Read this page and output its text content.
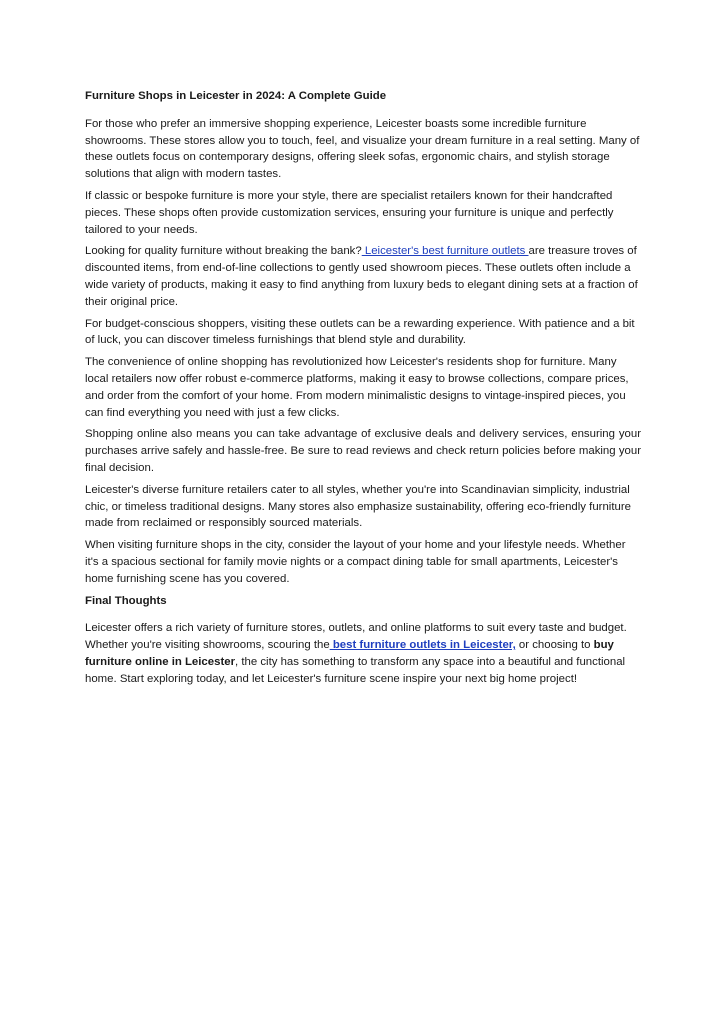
Furniture Shops in Leicester in 2024: A Complete Guide

For those who prefer an immersive shopping experience, Leicester boasts some incredible furniture showrooms. These stores allow you to touch, feel, and visualize your dream furniture in a real setting. Many of these outlets focus on contemporary designs, offering sleek sofas, ergonomic chairs, and stylish storage solutions that align with modern tastes.

If classic or bespoke furniture is more your style, there are specialist retailers known for their handcrafted pieces. These shops often provide customization services, ensuring your furniture is unique and perfectly tailored to your needs.

Looking for quality furniture without breaking the bank? Leicester's best furniture outlets are treasure troves of discounted items, from end-of-line collections to gently used showroom pieces. These outlets often include a wide variety of products, making it easy to find anything from luxury beds to elegant dining sets at a fraction of their original price.

For budget-conscious shoppers, visiting these outlets can be a rewarding experience. With patience and a bit of luck, you can discover timeless furnishings that blend style and durability.

The convenience of online shopping has revolutionized how Leicester's residents shop for furniture. Many local retailers now offer robust e-commerce platforms, making it easy to browse collections, compare prices, and order from the comfort of your home. From modern minimalistic designs to vintage-inspired pieces, you can find everything you need with just a few clicks.

Shopping online also means you can take advantage of exclusive deals and delivery services, ensuring your purchases arrive safely and hassle-free. Be sure to read reviews and check return policies before making your final decision.

Leicester's diverse furniture retailers cater to all styles, whether you're into Scandinavian simplicity, industrial chic, or timeless traditional designs. Many stores also emphasize sustainability, offering eco-friendly furniture made from reclaimed or responsibly sourced materials.

When visiting furniture shops in the city, consider the layout of your home and your lifestyle needs. Whether it's a spacious sectional for family movie nights or a compact dining table for small apartments, Leicester's home furnishing scene has you covered.

Final Thoughts

Leicester offers a rich variety of furniture stores, outlets, and online platforms to suit every taste and budget. Whether you're visiting showrooms, scouring the best furniture outlets in Leicester, or choosing to buy furniture online in Leicester, the city has something to transform any space into a beautiful and functional home. Start exploring today, and let Leicester's furniture scene inspire your next big home project!
